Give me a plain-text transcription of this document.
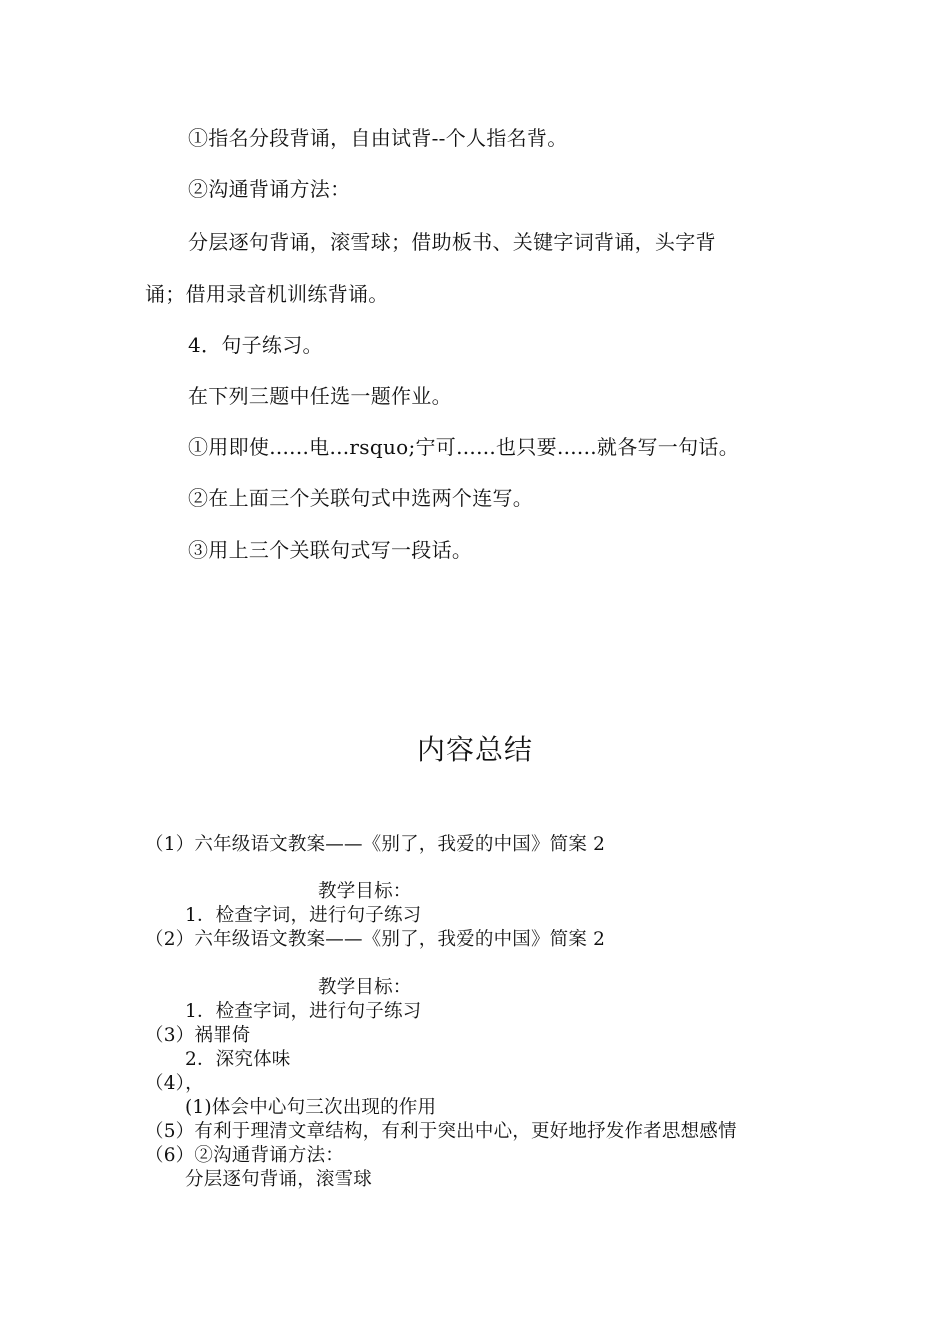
①指名分段背诵，自由试背--个人指名背。
②沟通背诵方法：
分层逐句背诵，滚雪球；借助板书、关键字词背诵，头字背
诵；借用录音机训练背诵。
4．句子练习。
在下列三题中任选一题作业。
①用即使......电...rsquo;宁可......也只要......就各写一句话。
②在上面三个关联句式中选两个连写。
③用上三个关联句式写一段话。
内容总结
（1）六年级语文教案——《别了，我爱的中国》简案 2
教学目标：
1．检查字词，进行句子练习
（2）六年级语文教案——《别了，我爱的中国》简案 2
教学目标：
1．检查字词，进行句子练习
（3）祸罪倚
2．深究体味
（4），
(1)体会中心句三次出现的作用
（5）有利于理清文章结构，有利于突出中心，更好地抒发作者思想感情
（6）②沟通背诵方法：
分层逐句背诵，滚雪球
